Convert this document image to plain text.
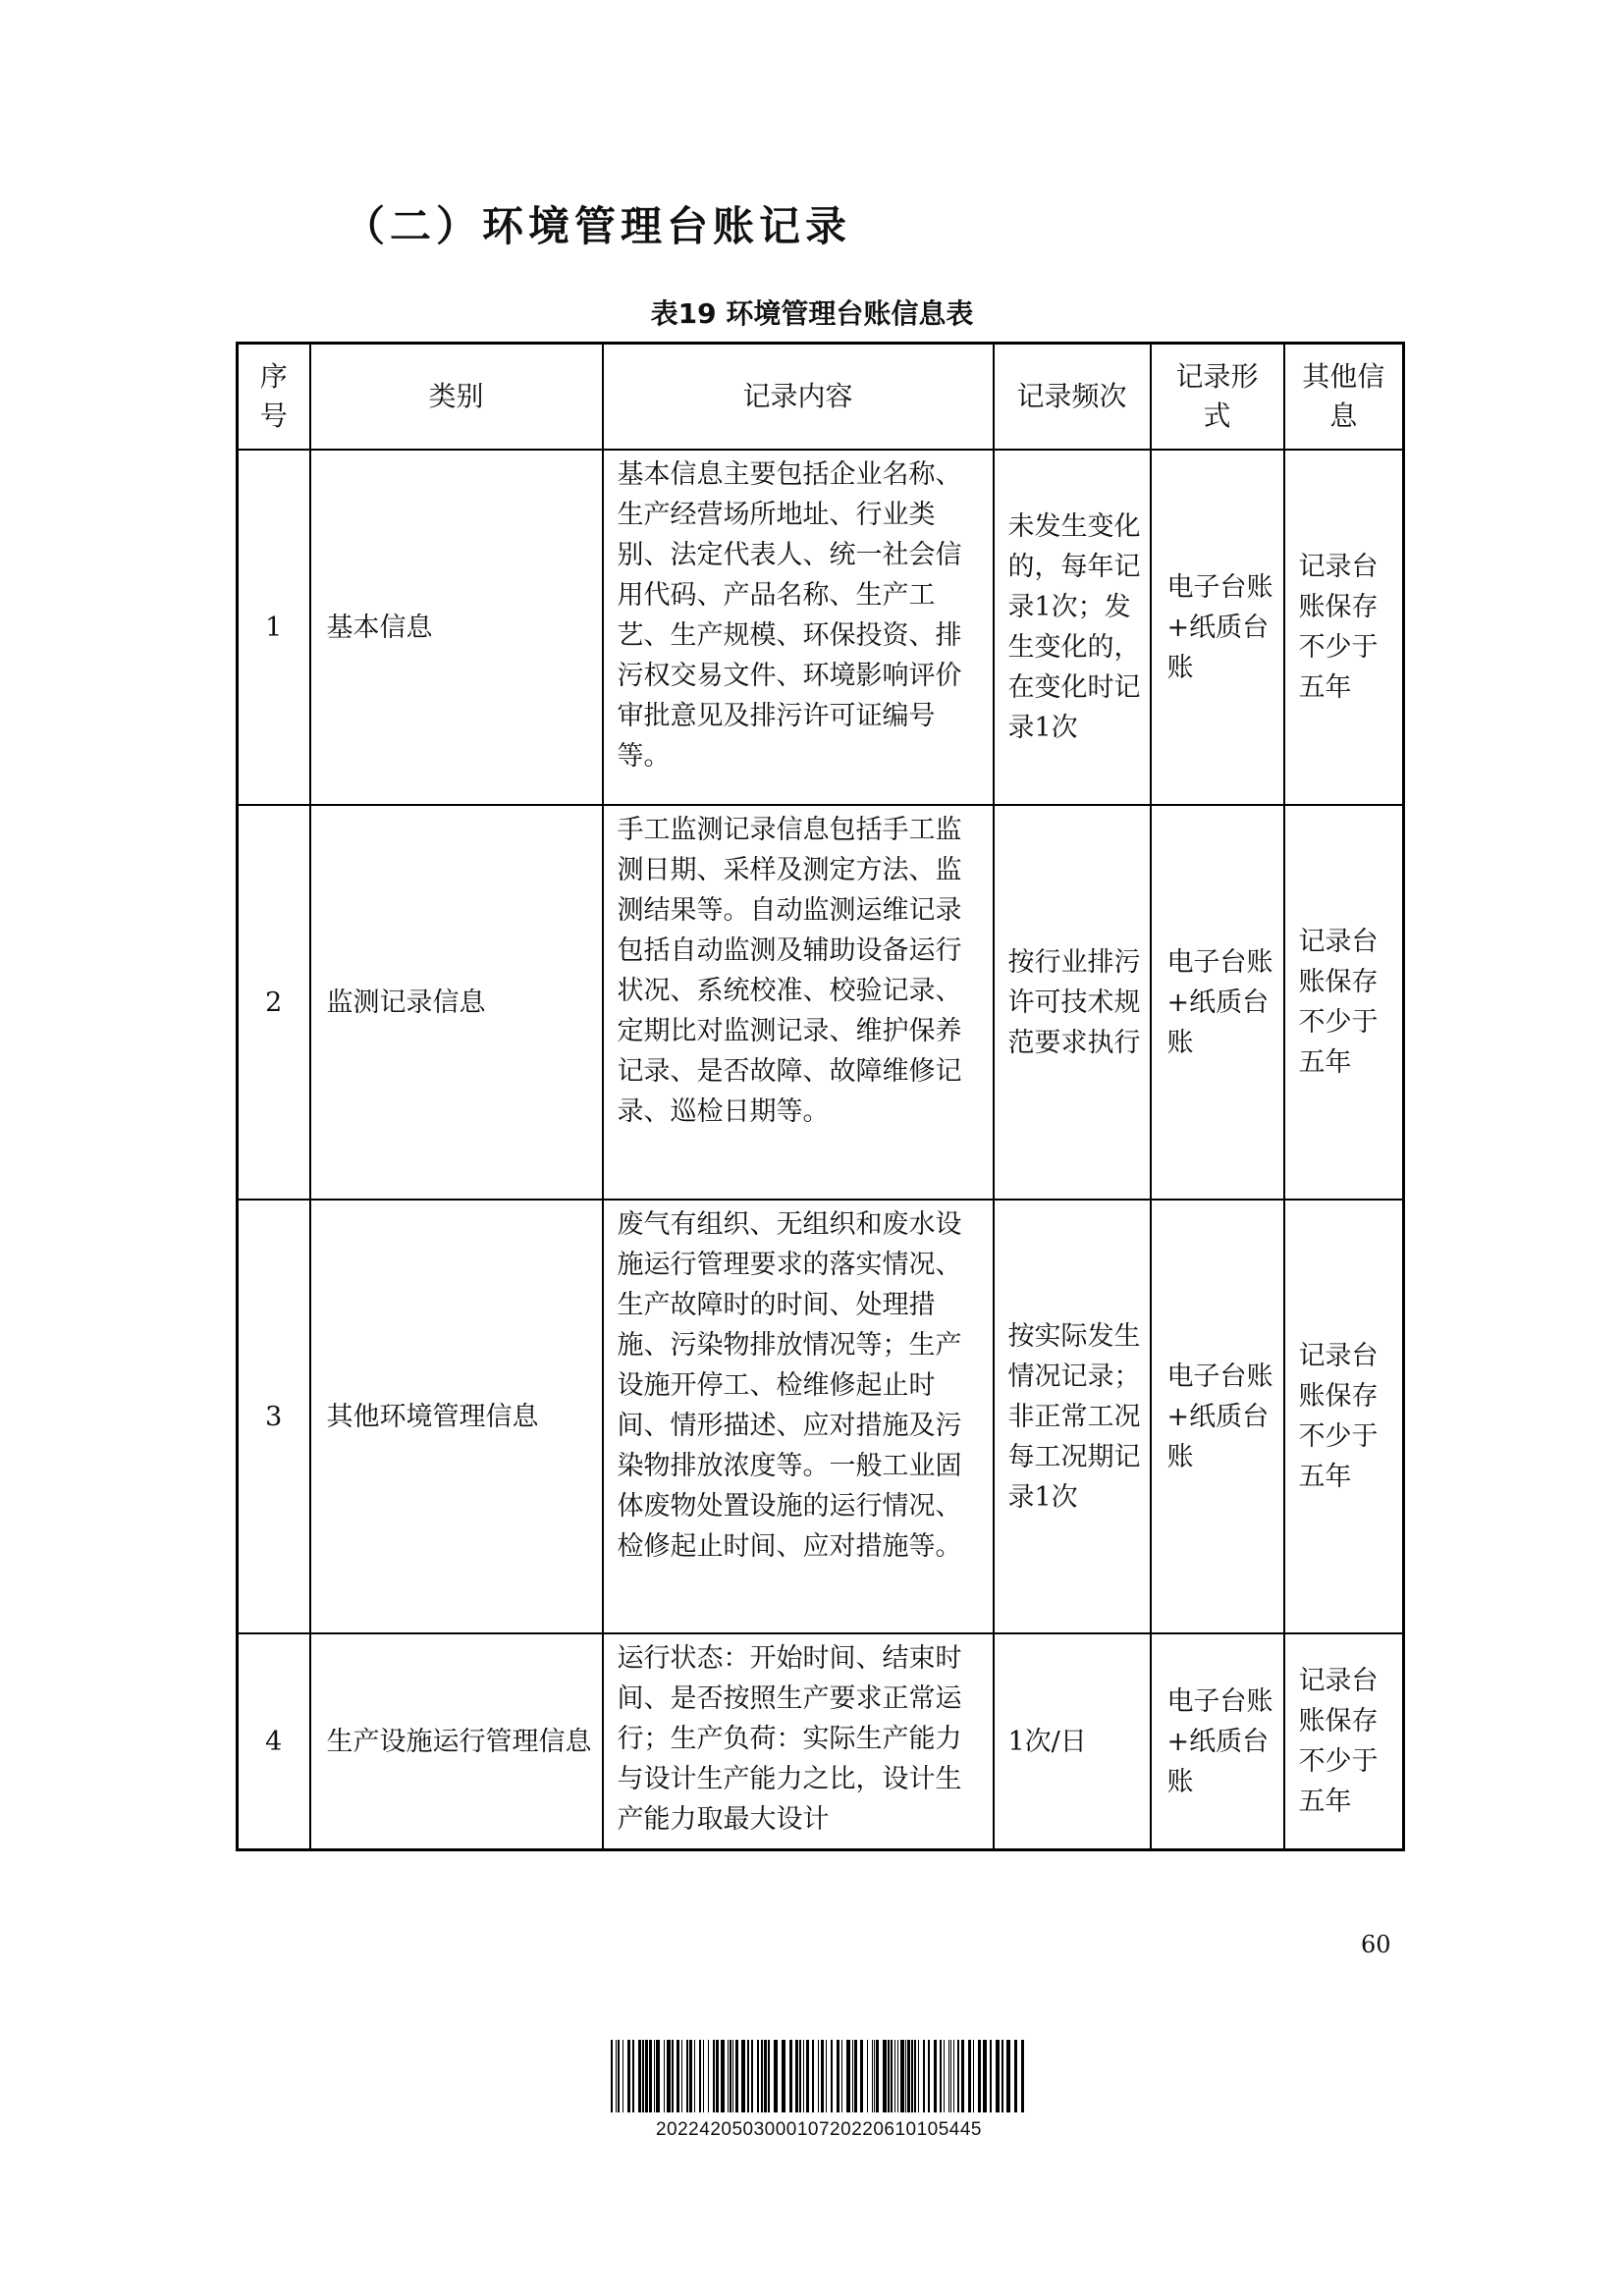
（二）环境管理台账记录
表19 环境管理台账信息表
序号	类别	记录内容	记录频次	记录形式	其他信息
1	基本信息	基本信息主要包括企业名称、生产经营场所地址、行业类别、法定代表人、统一社会信用代码、产品名称、生产工艺、生产规模、环保投资、排污权交易文件、环境影响评价审批意见及排污许可证编号等。	未发生变化的，每年记录1次；发生变化的，在变化时记录1次	电子台账+纸质台账	记录台账保存不少于五年
2	监测记录信息	手工监测记录信息包括手工监测日期、采样及测定方法、监测结果等。自动监测运维记录包括自动监测及辅助设备运行状况、系统校准、校验记录、定期比对监测记录、维护保养记录、是否故障、故障维修记录、巡检日期等。	按行业排污许可技术规范要求执行	电子台账+纸质台账	记录台账保存不少于五年
3	其他环境管理信息	废气有组织、无组织和废水设施运行管理要求的落实情况、生产故障时的时间、处理措施、污染物排放情况等；生产设施开停工、检维修起止时间、情形描述、应对措施及污染物排放浓度等。一般工业固体废物处置设施的运行情况、检修起止时间、应对措施等。	按实际发生情况记录；非正常工况每工况期记录1次	电子台账+纸质台账	记录台账保存不少于五年
4	生产设施运行管理信息	运行状态：开始时间、结束时间、是否按照生产要求正常运行；生产负荷：实际生产能力与设计生产能力之比，设计生产能力取最大设计	1次/日	电子台账+纸质台账	记录台账保存不少于五年
60
20224205030001072022061010544​5
